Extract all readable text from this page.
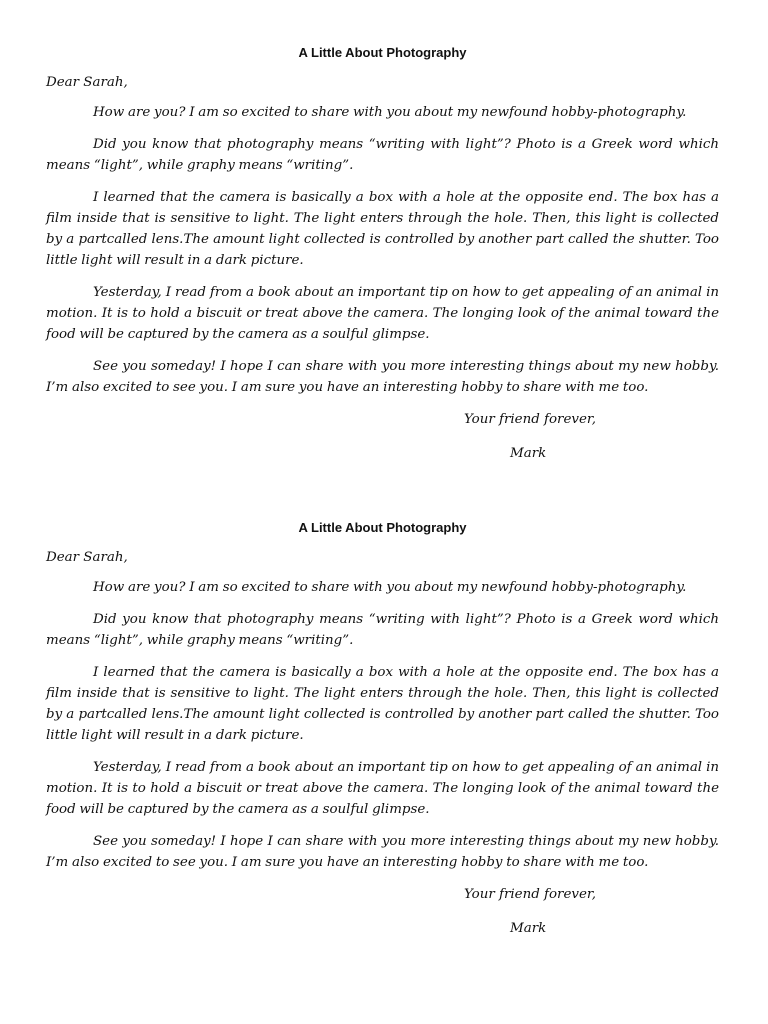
A Little About Photography
Dear Sarah,

How are you? I am so excited to share with you about my newfound hobby-photography.

Did you know that photography means “writing with light”? Photo is a Greek word which means “light”, while graphy means “writing”.

I learned that the camera is basically a box with a hole at the opposite end. The box has a film inside that is sensitive to light. The light enters through the hole. Then, this light is collected by a partcalled lens.The amount light collected is controlled by another part called the shutter. Too little light will result in a dark picture.

Yesterday, I read from a book about an important tip on how to get appealing of an animal in motion. It is to hold a biscuit or treat above the camera. The longing look of the animal toward the food will be captured by the camera as a soulful glimpse.

See you someday! I hope I can share with you more interesting things about my new hobby. I’m also excited to see you. I am sure you have an interesting hobby to share with me too.

Your friend forever,
Mark
A Little About Photography
Dear Sarah,

How are you? I am so excited to share with you about my newfound hobby-photography.

Did you know that photography means “writing with light”? Photo is a Greek word which means “light”, while graphy means “writing”.

I learned that the camera is basically a box with a hole at the opposite end. The box has a film inside that is sensitive to light. The light enters through the hole. Then, this light is collected by a partcalled lens.The amount light collected is controlled by another part called the shutter. Too little light will result in a dark picture.

Yesterday, I read from a book about an important tip on how to get appealing of an animal in motion. It is to hold a biscuit or treat above the camera. The longing look of the animal toward the food will be captured by the camera as a soulful glimpse.

See you someday! I hope I can share with you more interesting things about my new hobby. I’m also excited to see you. I am sure you have an interesting hobby to share with me too.

Your friend forever,
Mark
